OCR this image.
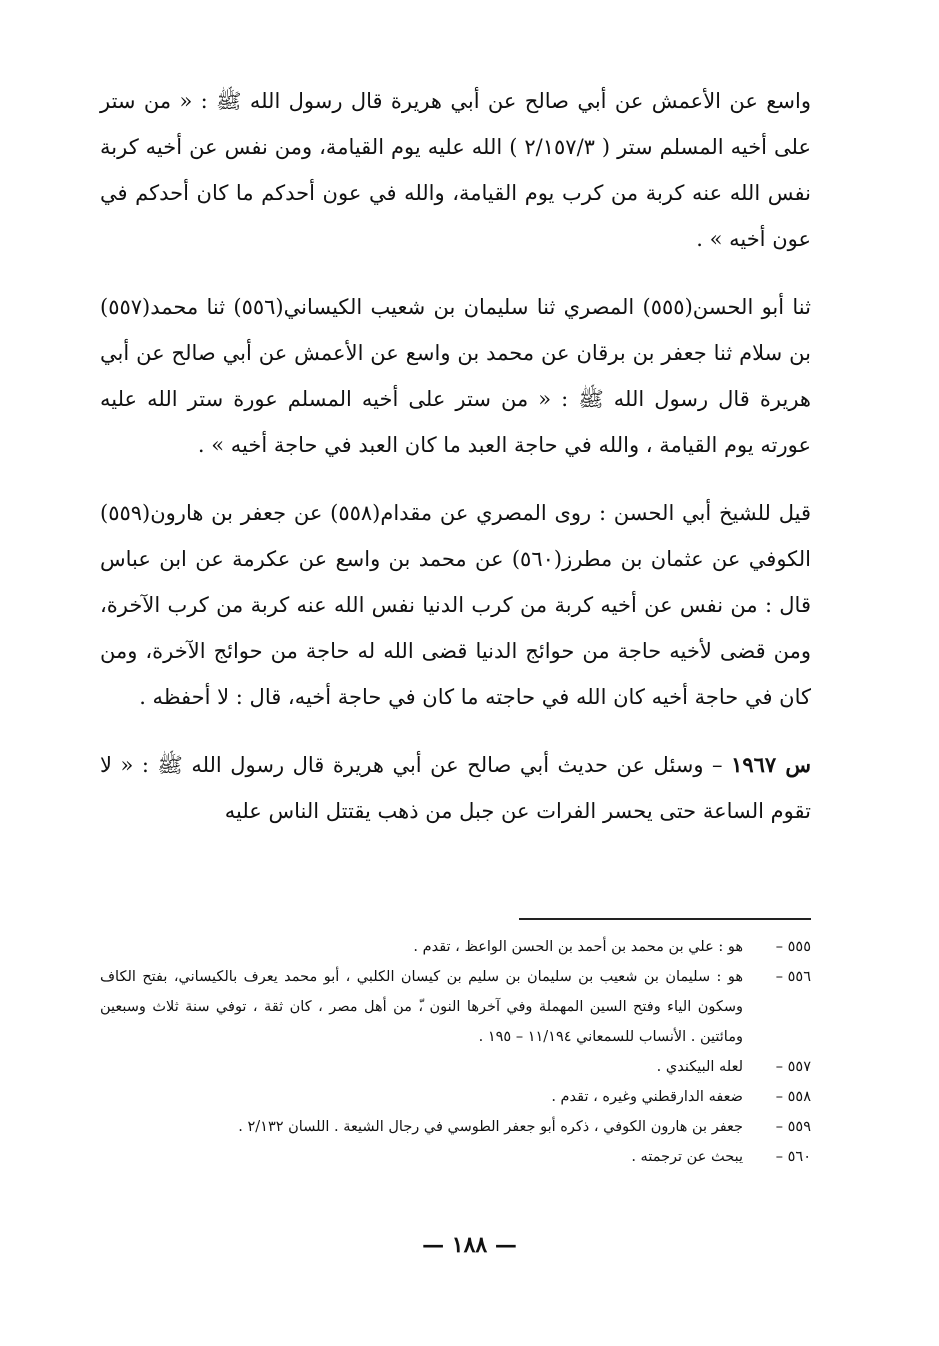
واسع عن الأعمش عن أبي صالح عن أبي هريرة قال رسول الله ﷺ : « من ستر على أخيه المسلم ستر ( ٢/١٥٧/٣ ) الله عليه يوم القيامة، ومن نفس عن أخيه كربة نفس الله عنه كربة من كرب يوم القيامة، والله في عون أحدكم ما كان أحدكم في عون أخيه » .

ثنا أبو الحسن(٥٥٥) المصري ثنا سليمان بن شعيب الكيساني(٥٥٦) ثنا محمد(٥٥٧) بن سلام ثنا جعفر بن برقان عن محمد بن واسع عن الأعمش عن أبي صالح عن أبي هريرة قال رسول الله ﷺ : « من ستر على أخيه المسلم عورة ستر الله عليه عورته يوم القيامة ، والله في حاجة العبد ما كان العبد في حاجة أخيه » .

قيل للشيخ أبي الحسن : روى المصري عن مقدام(٥٥٨) عن جعفر بن هارون(٥٥٩) الكوفي عن عثمان بن مطرز(٥٦٠) عن محمد بن واسع عن عكرمة عن ابن عباس قال : من نفس عن أخيه كربة من كرب الدنيا نفس الله عنه كربة من كرب الآخرة، ومن قضى لأخيه حاجة من حوائج الدنيا قضى الله له حاجة من حوائج الآخرة، ومن كان في حاجة أخيه كان الله في حاجته ما كان في حاجة أخيه، قال : لا أحفظه .

س ١٩٦٧ – وسئل عن حديث أبي صالح عن أبي هريرة قال رسول الله ﷺ : « لا تقوم الساعة حتى يحسر الفرات عن جبل من ذهب يقتتل الناس عليه

٥٥٥ –
هو : علي بن محمد بن أحمد بن الحسن الواعظ ، تقدم .
٥٥٦ –
هو : سليمان بن شعيب بن سليمان بن سليم بن كيسان الكلبي ، أبو محمد يعرف بالكيساني، بفتح الكاف وسكون الياء وفتح السين المهملة وفي آخرها النون ،ّ من أهل مصر ، كان ثقة ، توفي سنة ثلاث وسبعين ومائتين . الأنساب للسمعاني ١١/١٩٤ – ١٩٥ .
٥٥٧ –
لعله البيكندي .
٥٥٨ –
ضعفه الدارقطني وغيره ، تقدم .
٥٥٩ –
جعفر بن هارون الكوفي ، ذكره أبو جعفر الطوسي في رجال الشيعة . اللسان ٢/١٣٢ .
٥٦٠ –
يبحث عن ترجمته .
— ١٨٨ —
